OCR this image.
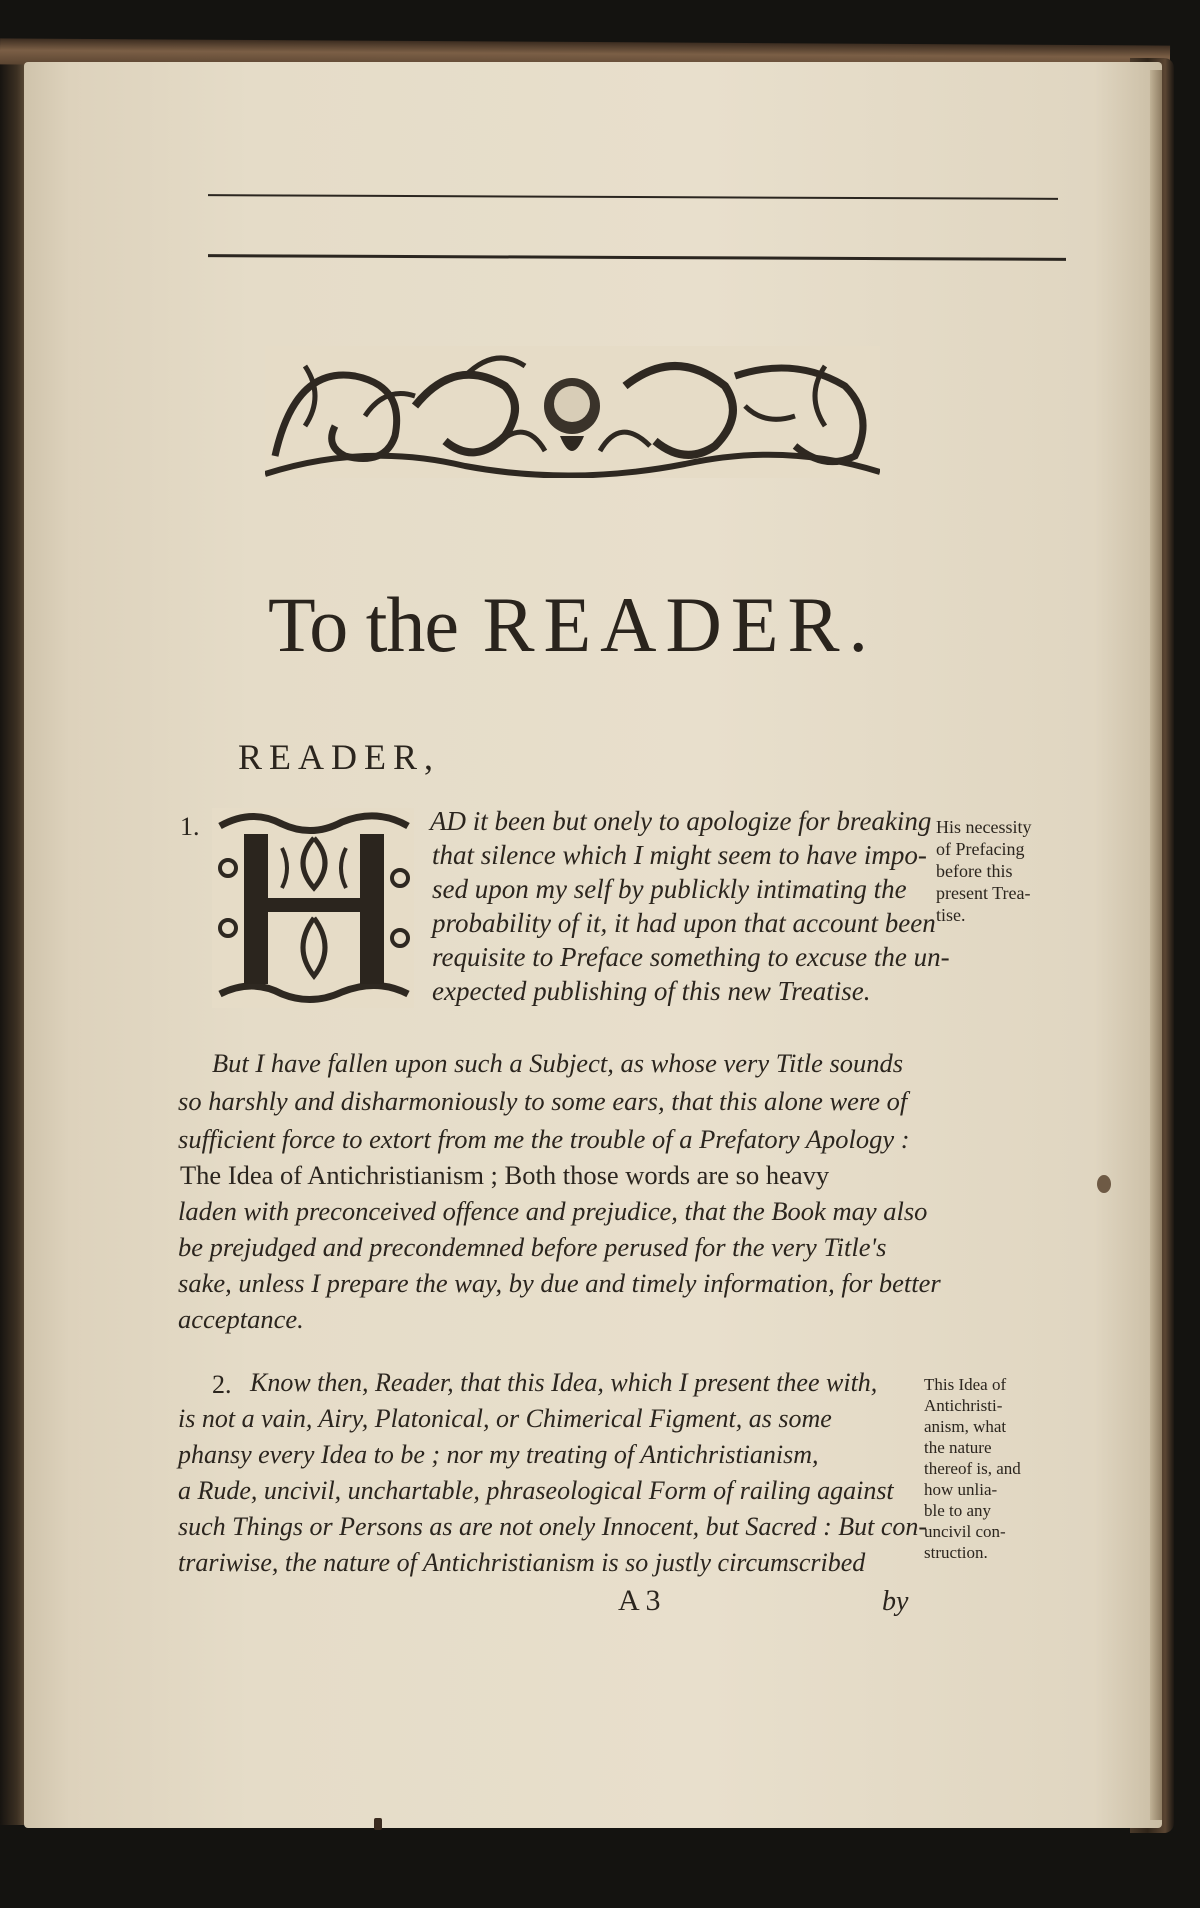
To the READER.
READER,
1.	AD it been but onely to apologize for breaking
that silence which I might seem to have impo-
sed upon my self by publickly intimating the
probability of it, it had upon that account been
requisite to Preface something to excuse the un-
expected publishing of this new Treatise.
His necessity
of Prefacing
before this
present Trea-
tise.
But I have fallen upon such a Subject, as whose very Title sounds
so harshly and disharmoniously to some ears, that this alone were of
sufficient force to extort from me the trouble of a Prefatory Apology :
The Idea of Antichristianism ; Both those words are so heavy
laden with preconceived offence and prejudice, that the Book may also
be prejudged and precondemned before perused for the very Title's
sake, unless I prepare the way, by due and timely information, for better
acceptance.
2. Know then, Reader, that this Idea, which I present thee with,
is not a vain, Airy, Platonical, or Chimerical Figment, as some
phansy every Idea to be ; nor my treating of Antichristianism,
a Rude, uncivil, unchartable, phraseological Form of railing against
such Things or Persons as are not onely Innocent, but Sacred : But con-
trariwise, the nature of Antichristianism is so justly circumscribed
This Idea of
Antichristi-
anism, what
the nature
thereof is, and
how unlia-
ble to any
uncivil con-
struction.
A 3	by
